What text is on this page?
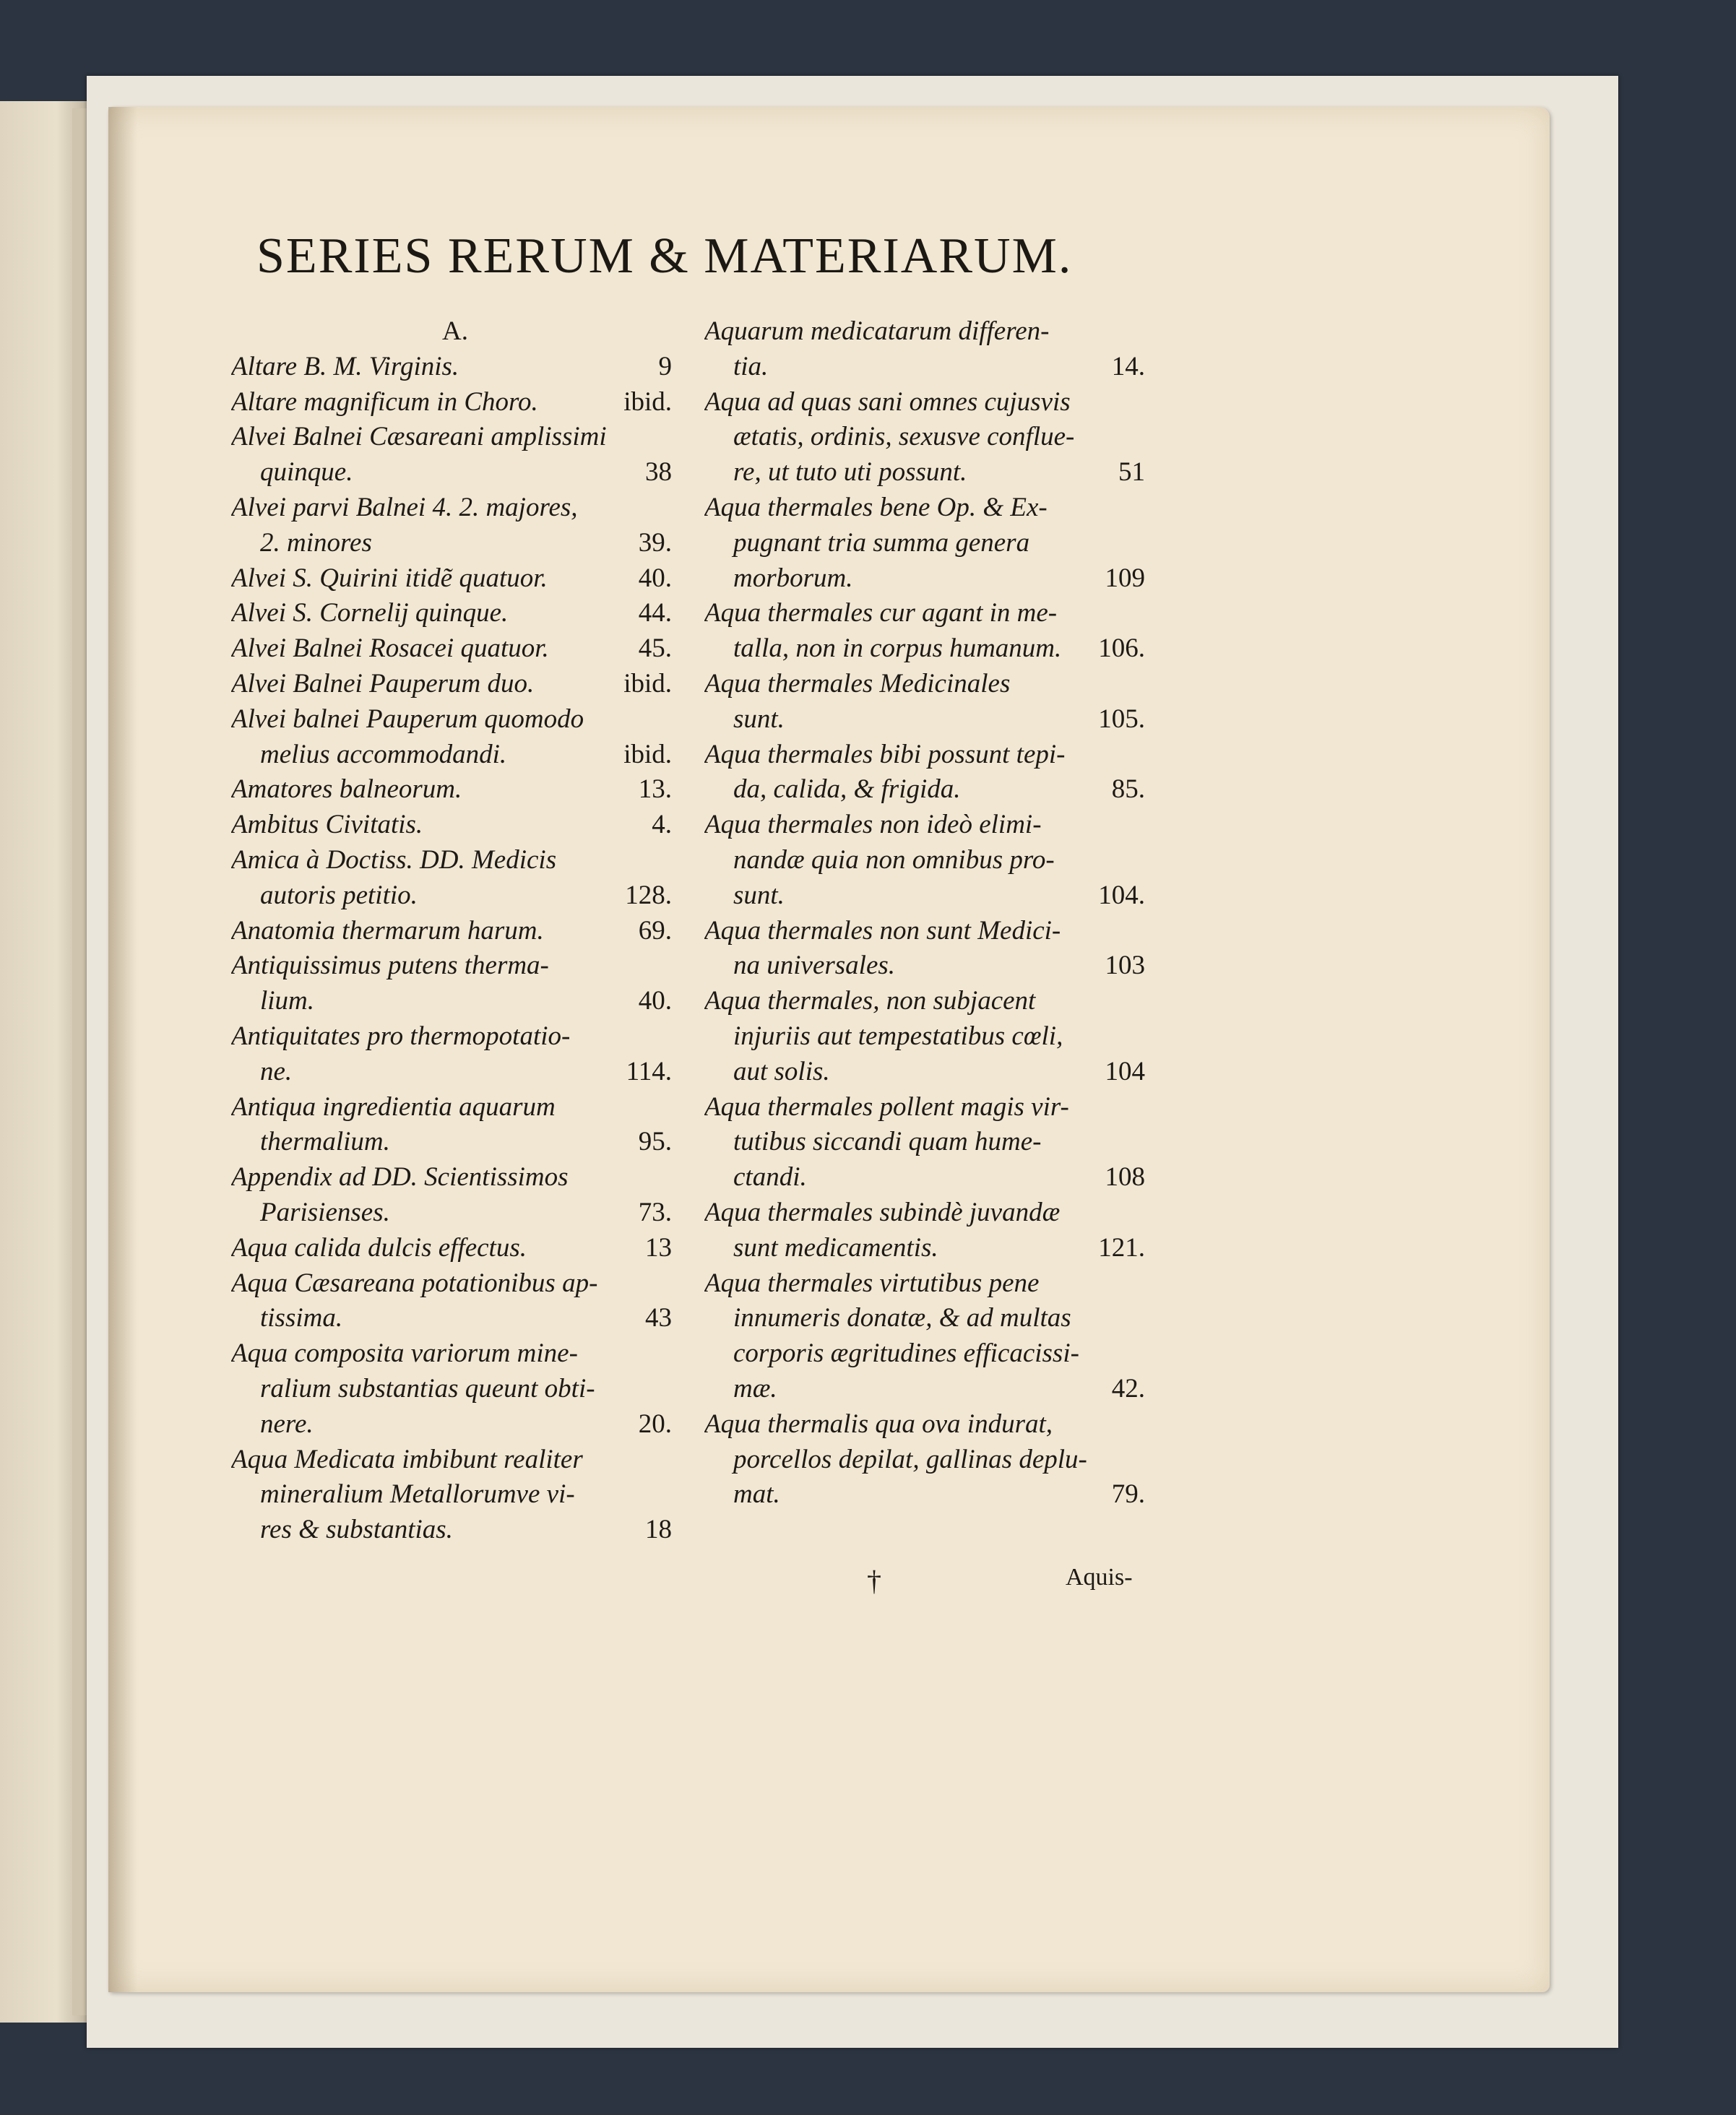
SERIES RERUM & MATERIARUM.
A.
Altare B. M. Virginis.	9
Altare magnificum in Choro.	ibid.
Alvei Balnei Cæsareani amplissimi
quinque.	38
Alvei parvi Balnei 4. 2. majores,
2. minores	39.
Alvei S. Quirini itidẽ quatuor.	40.
Alvei S. Cornelij quinque.	44.
Alvei Balnei Rosacei quatuor.	45.
Alvei Balnei Pauperum duo.	ibid.
Alvei balnei Pauperum quomodo
melius accommodandi.	ibid.
Amatores balneorum.	13.
Ambitus Civitatis.	4.
Amica à Doctiss. DD. Medicis
autoris petitio.	128.
Anatomia thermarum harum.	69.
Antiquissimus putens therma-
lium.	40.
Antiquitates pro thermopotatio-
ne.	114.
Antiqua ingredientia aquarum
thermalium.	95.
Appendix ad DD. Scientissimos
Parisienses.	73.
Aqua calida dulcis effectus.	13
Aqua Cæsareana potationibus ap-
tissima.	43
Aqua composita variorum mine-
ralium substantias queunt obti-
nere.	20.
Aqua Medicata imbibunt realiter
mineralium Metallorumve vi-
res & substantias.	18
Aquarum medicatarum differen-
tia.	14.
Aqua ad quas sani omnes cujusvis
ætatis, ordinis, sexusve conflue-
re, ut tuto uti possunt.	51
Aqua thermales bene Op. & Ex-
pugnant tria summa genera
morborum.	109
Aqua thermales cur agant in me-
talla, non in corpus humanum. 106.
Aqua thermales Medicinales
sunt.	105.
Aqua thermales bibi possunt tepi-
da, calida, & frigida.	85.
Aqua thermales non ideò elimi-
nandæ quia non omnibus pro-
sunt.	104.
Aqua thermales non sunt Medici-
na universales.	103
Aqua thermales, non subjacent
injuriis aut tempestatibus cœli,
aut solis.	104
Aqua thermales pollent magis vir-
tutibus siccandi quam hume-
ctandi.	108
Aqua thermales subindè juvandæ
sunt medicamentis.	121.
Aqua thermales virtutibus pene
innumeris donatæ, & ad multas
corporis ægritudines efficacissi-
mæ.	42.
Aqua thermalis qua ova indurat,
porcellos depilat, gallinas deplu-
mat.	79.
†	Aquis-
